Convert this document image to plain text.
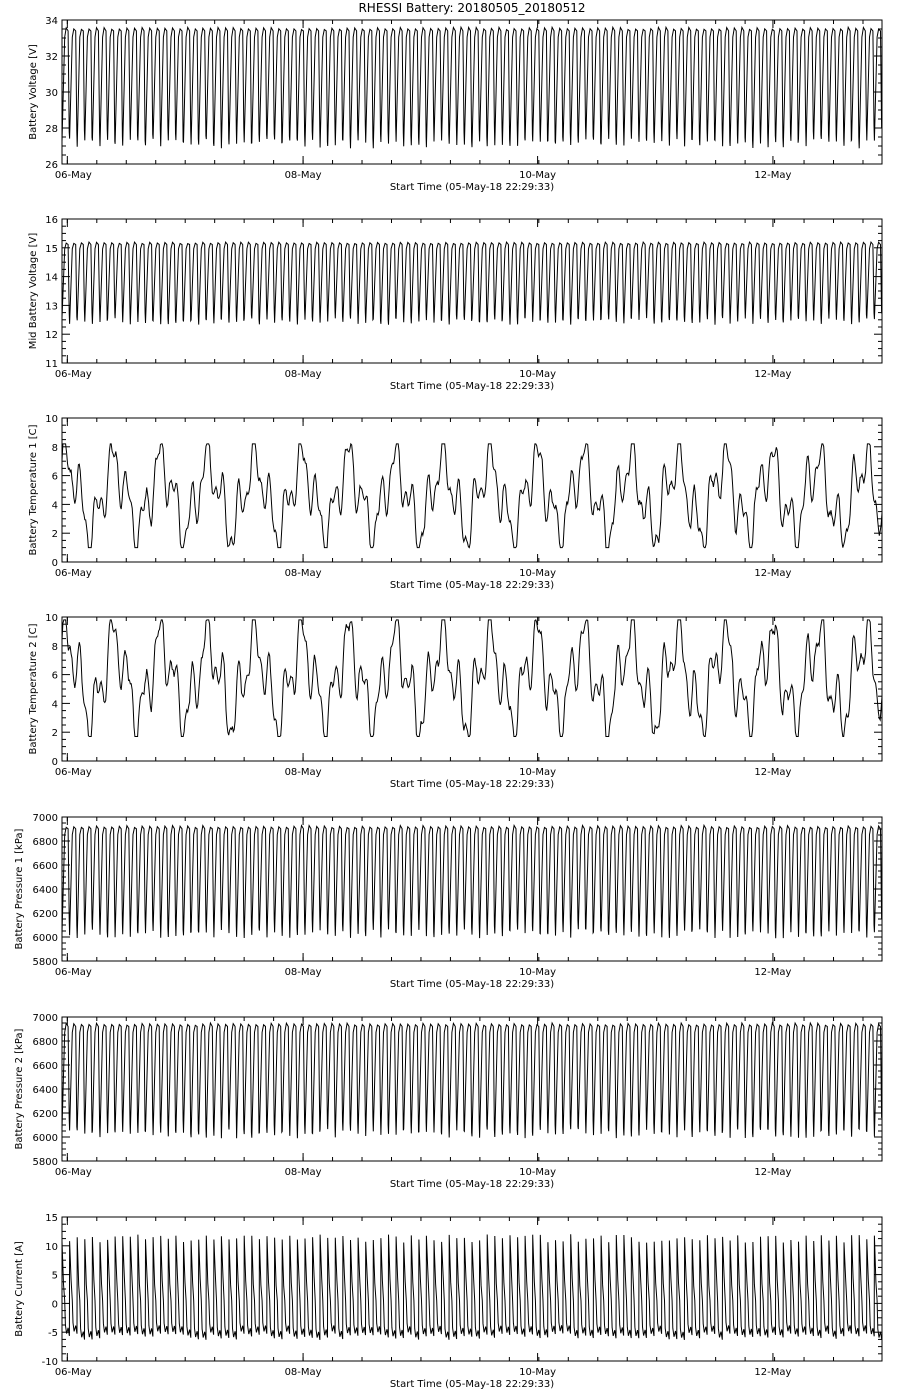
RHESSI Battery: 20180505_20180512
26
28
30
32
34
06-May	08-May	10-May	12-May
Start Time (05-May-18 22:29:33)
Battery Voltage [V]
11
12
13
14
15
16
06-May	08-May	10-May	12-May
Start Time (05-May-18 22:29:33)
Mid Battery Voltage [V]
0
2
4
6
8
10
06-May	08-May	10-May	12-May
Start Time (05-May-18 22:29:33)
Battery Temperature 1 [C]
0
2
4
6
8
10
06-May	08-May	10-May	12-May
Start Time (05-May-18 22:29:33)
Battery Temperature 2 [C]
5800
6000
6200
6400
6600
6800
7000
06-May	08-May	10-May	12-May
Start Time (05-May-18 22:29:33)
Battery Pressure 1 [kPa]
5800
6000
6200
6400
6600
6800
7000
06-May	08-May	10-May	12-May
Start Time (05-May-18 22:29:33)
Battery Pressure 2 [kPa]
-10
-5
0
5
10
15
06-May	08-May	10-May	12-May
Start Time (05-May-18 22:29:33)
Battery Current [A]
